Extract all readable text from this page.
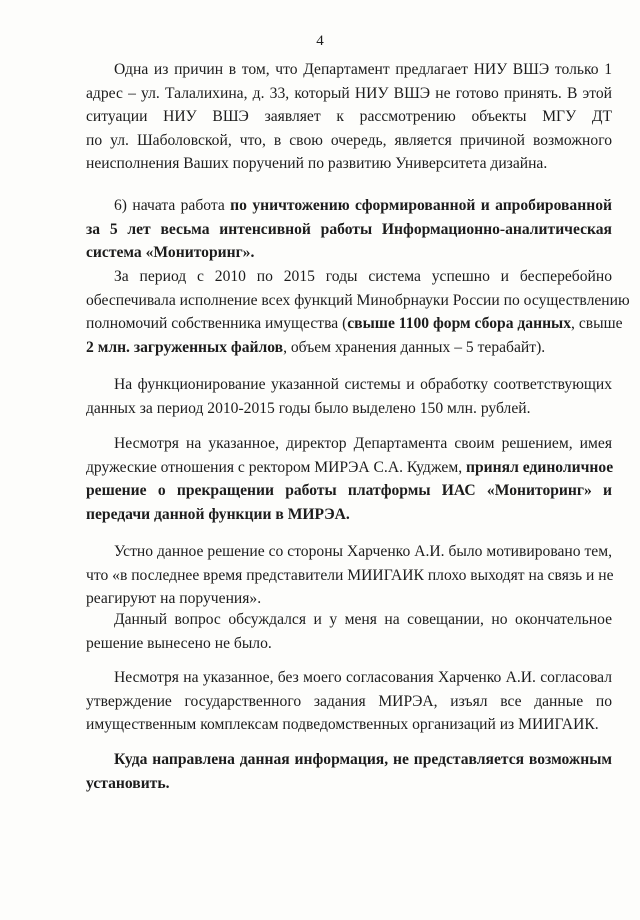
4
Одна из причин в том, что Департамент предлагает НИУ ВШЭ только 1
адрес – ул. Талалихина, д. 33, который НИУ ВШЭ не готово принять. В этой
ситуации НИУ ВШЭ заявляет к рассмотрению объекты МГУ ДТ
по ул. Шаболовской, что, в свою очередь, является причиной возможного
неисполнения Ваших поручений по развитию Университета дизайна.
6) начата работа по уничтожению сформированной и апробированной
за 5 лет весьма интенсивной работы Информационно-аналитическая
система «Мониторинг».
За период с 2010 по 2015 годы система успешно и бесперебойно
обеспечивала исполнение всех функций Минобрнауки России по осуществлению
полномочий собственника имущества (свыше 1100 форм сбора данных, свыше
2 млн. загруженных файлов, объем хранения данных – 5 терабайт).
На функционирование указанной системы и обработку соответствующих
данных за период 2010-2015 годы было выделено 150 млн. рублей.
Несмотря на указанное, директор Департамента своим решением, имея
дружеские отношения с ректором МИРЭА С.А. Куджем, принял единоличное
решение о прекращении работы платформы ИАС «Мониторинг» и
передачи данной функции в МИРЭА.
Устно данное решение со стороны Харченко А.И. было мотивировано тем,
что «в последнее время представители МИИГАИК плохо выходят на связь и не
реагируют на поручения».
Данный вопрос обсуждался и у меня на совещании, но окончательное
решение вынесено не было.
Несмотря на указанное, без моего согласования Харченко А.И. согласовал
утверждение государственного задания МИРЭА, изъял все данные по
имущественным комплексам подведомственных организаций из МИИГАИК.
Куда направлена данная информация, не представляется возможным
установить.
